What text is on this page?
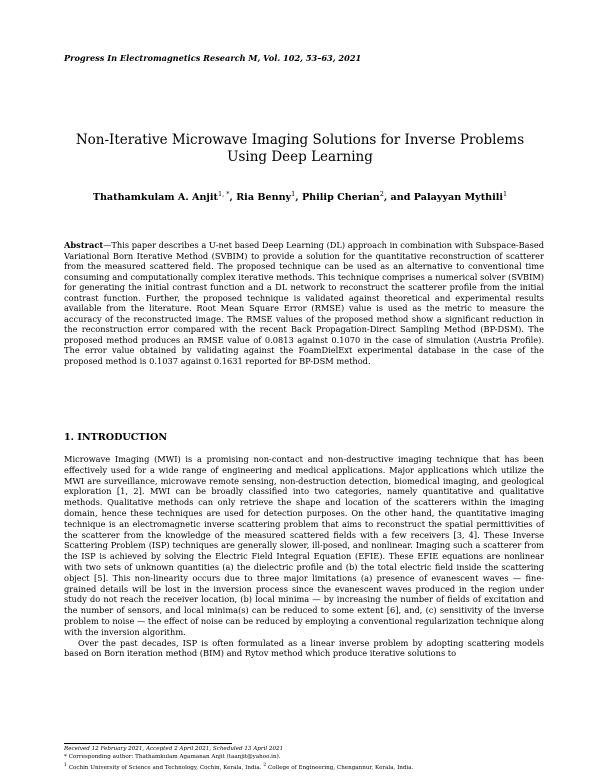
Progress In Electromagnetics Research M, Vol. 102, 53–63, 2021
Non-Iterative Microwave Imaging Solutions for Inverse Problems
Using Deep Learning
Thathamkulam A. Anjit$^{1, *}$, Ria Benny$^1$, Philip Cherian$^2$, and Palayyan Mythili$^1$
Abstract—This paper describes a U-net based Deep Learning (DL) approach in combination with Subspace-Based Variational Born Iterative Method (SVBIM) to provide a solution for the quantitative reconstruction of scatterer from the measured scattered field. The proposed technique can be used as an alternative to conventional time consuming and computationally complex iterative methods. This technique comprises a numerical solver (SVBIM) for generating the initial contrast function and a DL network to reconstruct the scatterer profile from the initial contrast function. Further, the proposed technique is validated against theoretical and experimental results available from the literature. Root Mean Square Error (RMSE) value is used as the metric to measure the accuracy of the reconstructed image. The RMSE values of the proposed method show a significant reduction in the reconstruction error compared with the recent Back Propagation-Direct Sampling Method (BP-DSM). The proposed method produces an RMSE value of 0.0813 against 0.1070 in the case of simulation (Austria Profile). The error value obtained by validating against the FoamDielExt experimental database in the case of the proposed method is 0.1037 against 0.1631 reported for BP-DSM method.
1. INTRODUCTION

Microwave Imaging (MWI) is a promising non-contact and non-destructive imaging technique that has been effectively used for a wide range of engineering and medical applications. Major applications which utilize the MWI are surveillance, microwave remote sensing, non-destruction detection, biomedical imaging, and geological exploration [1, 2]. MWI can be broadly classified into two categories, namely quantitative and qualitative methods. Qualitative methods can only retrieve the shape and location of the scatterers within the imaging domain, hence these techniques are used for detection purposes. On the other hand, the quantitative imaging technique is an electromagnetic inverse scattering problem that aims to reconstruct the spatial permittivities of the scatterer from the knowledge of the measured scattered fields with a few receivers [3, 4]. These Inverse Scattering Problem (ISP) techniques are generally slower, ill-posed, and nonlinear. Imaging such a scatterer from the ISP is achieved by solving the Electric Field Integral Equation (EFIE). These EFIE equations are nonlinear with two sets of unknown quantities (a) the dielectric profile and (b) the total electric field inside the scattering object [5]. This non-linearity occurs due to three major limitations (a) presence of evanescent waves — fine-grained details will be lost in the inversion process since the evanescent waves produced in the region under study do not reach the receiver location, (b) local minima — by increasing the number of fields of excitation and the number of sensors, and local minima(s) can be reduced to some extent [6], and, (c) sensitivity of the inverse problem to noise — the effect of noise can be reduced by employing a conventional regularization technique along with the inversion algorithm.

Over the past decades, ISP is often formulated as a linear inverse problem by adopting scattering models based on Born iteration method (BIM) and Rytov method which produce iterative solutions to

Received 12 February 2021, Accepted 2 April 2021, Scheduled 13 April 2021
* Corresponding author: Thathamkulam Agamanan Anjit (taanjit@yahoo.in).
$^1$ Cochin University of Science and Technology, Cochin, Kerala, India. $^2$ College of Engineering, Chengannur, Kerala, India.
